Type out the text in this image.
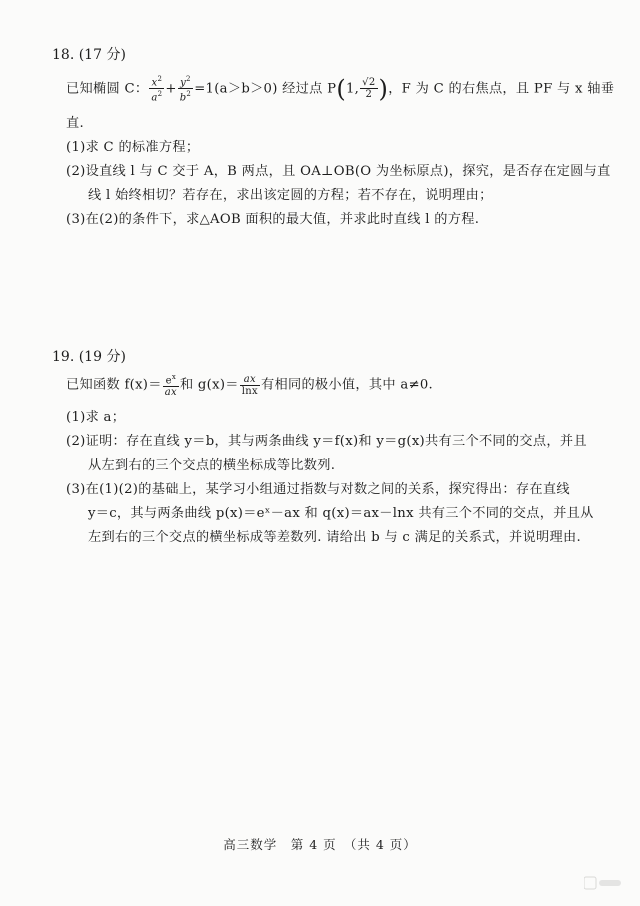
18. (17 分)
已知椭圆 C： $\frac{x^2}{a^2} + \frac{y^2}{b^2} =1(a>b>0)$ 经过点 P(1, $\frac{√2}{2}$ )，F 为 C 的右焦点，且 PF 与 x 轴垂
直.
(1)求 C 的标准方程；
(2)设直线 l 与 C 交于 A，B 两点，且 OA⊥OB(O 为坐标原点)，探究，是否存在定圆与直
线 l 始终相切？若存在，求出该定圆的方程；若不存在，说明理由；
(3)在(2)的条件下，求△AOB 面积的最大值，并求此时直线 l 的方程.
19. (19 分)
已知函数 $f(x)= \frac{e^x}{ax}$ 和 $g(x)= \frac{ax}{\ln x}$ 有相同的极小值，其中 a≠0.
(1)求 a；
(2)证明：存在直线 y＝b，其与两条曲线 y＝f(x)和 y＝g(x)共有三个不同的交点，并且
从左到右的三个交点的横坐标成等比数列.
(3)在(1)(2)的基础上，某学习小组通过指数与对数之间的关系，探究得出：存在直线
y＝c，其与两条曲线 p(x)＝eˣ－ax 和 q(x)＝ax－lnx 共有三个不同的交点，并且从
左到右的三个交点的横坐标成等差数列. 请给出 b 与 c 满足的关系式，并说明理由.
高三数学　第 4 页　（共 4 页）
